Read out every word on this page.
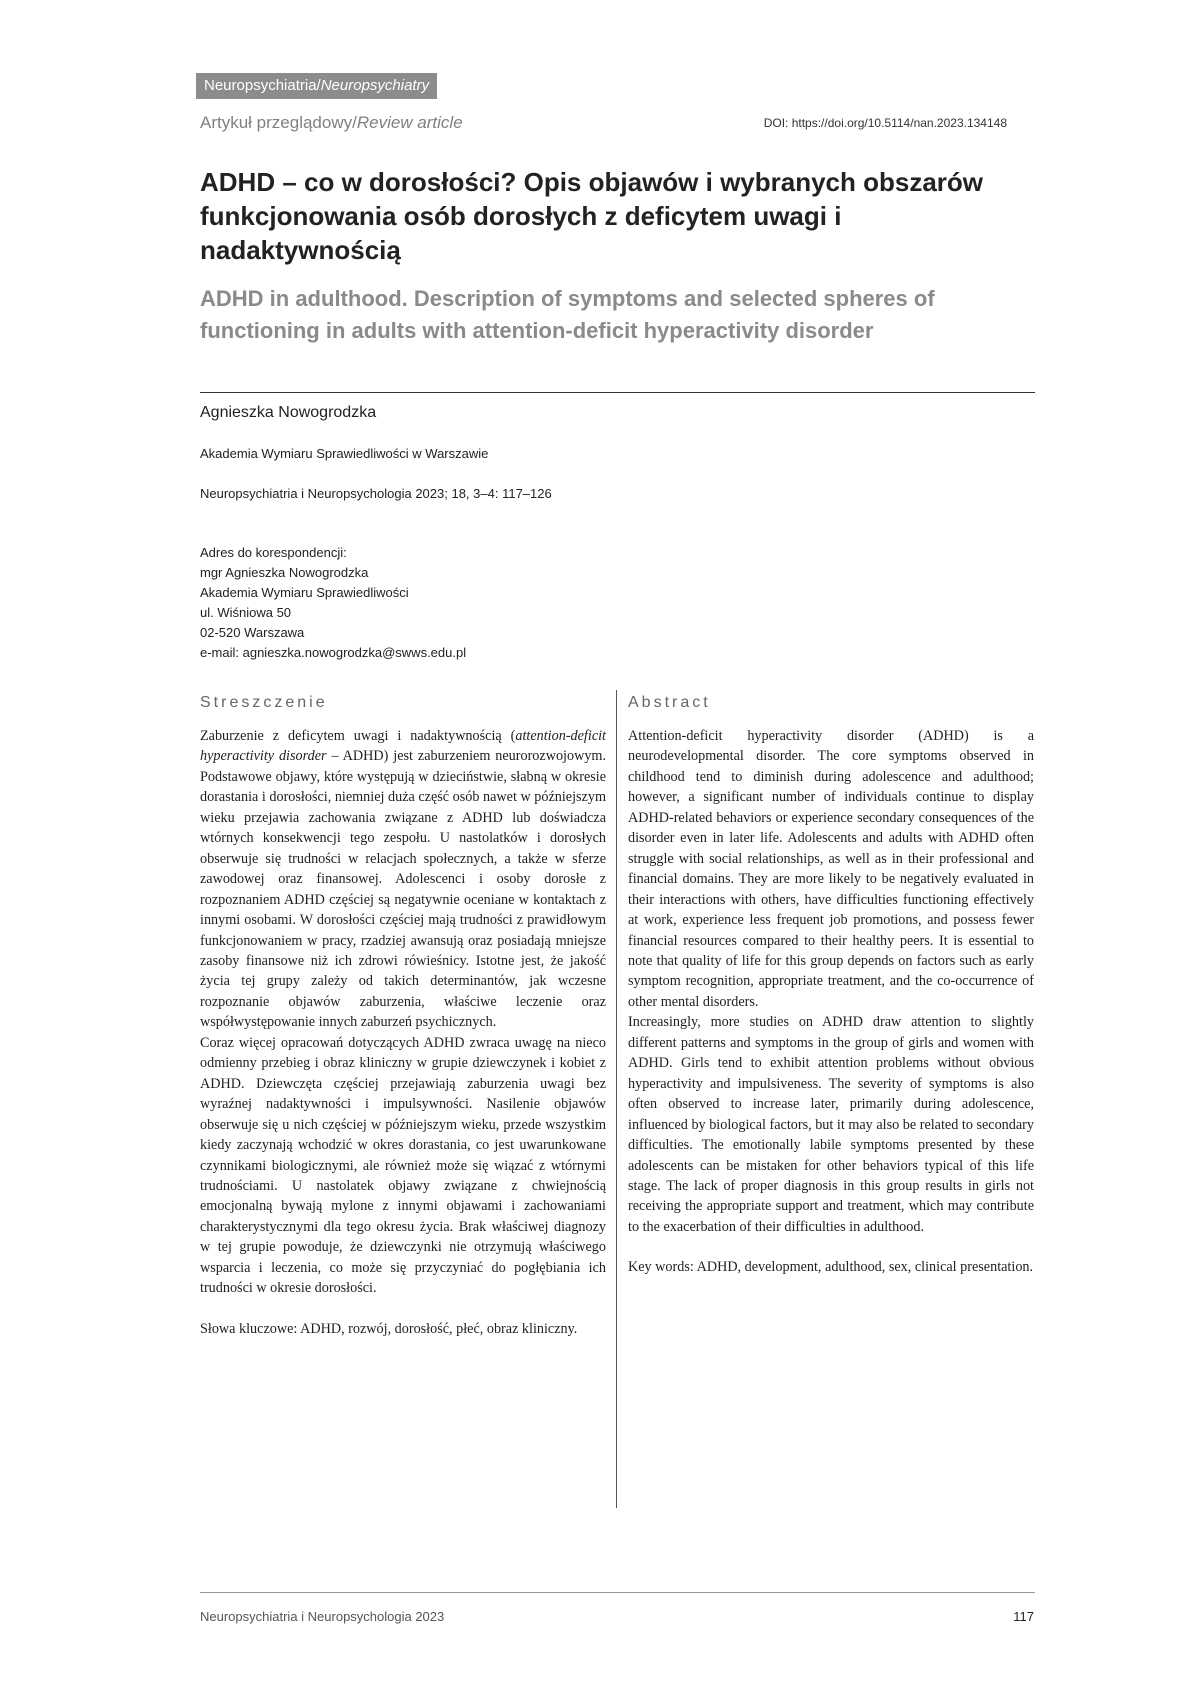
Neuropsychiatria/Neuropsychiatry
Artykuł przeglądowy/Review article	DOI: https://doi.org/10.5114/nan.2023.134148
ADHD – co w dorosłości? Opis objawów i wybranych obszarów funkcjonowania osób dorosłych z deficytem uwagi i nadaktywnością
ADHD in adulthood. Description of symptoms and selected spheres of functioning in adults with attention-deficit hyperactivity disorder
Agnieszka Nowogrodzka
Akademia Wymiaru Sprawiedliwości w Warszawie
Neuropsychiatria i Neuropsychologia 2023; 18, 3–4: 117–126
Adres do korespondencji:
mgr Agnieszka Nowogrodzka
Akademia Wymiaru Sprawiedliwości
ul. Wiśniowa 50
02-520 Warszawa
e-mail: agnieszka.nowogrodzka@swws.edu.pl
Streszczenie	Abstract

Zaburzenie z deficytem uwagi i nadaktywnością (attention-deficit hyperactivity disorder – ADHD) jest zaburzeniem neurorozwojowym. Podstawowe objawy, które występują w dzieciństwie, słabną w okresie dorastania i dorosłości, niemniej duża część osób nawet w późniejszym wieku przejawia zachowania związane z ADHD lub doświadcza wtórnych konsekwencji tego zespołu. U nastolatków i dorosłych obserwuje się trudności w relacjach społecznych, a także w sferze zawodowej oraz finansowej. Adolescenci i osoby dorosłe z rozpoznaniem ADHD częściej są negatywnie oceniane w kontaktach z innymi osobami. W dorosłości częściej mają trudności z prawidłowym funkcjonowaniem w pracy, rzadziej awansują oraz posiadają mniejsze zasoby finansowe niż ich zdrowi rówieśnicy. Istotne jest, że jakość życia tej grupy zależy od takich determinantów, jak wczesne rozpoznanie objawów zaburzenia, właściwe leczenie oraz współwystępowanie innych zaburzeń psychicznych.

Coraz więcej opracowań dotyczących ADHD zwraca uwagę na nieco odmienny przebieg i obraz kliniczny w grupie dziewczynek i kobiet z ADHD. Dziewczęta częściej przejawiają zaburzenia uwagi bez wyraźnej nadaktywności i impulsywności. Nasilenie objawów obserwuje się u nich częściej w późniejszym wieku, przede wszystkim kiedy zaczynają wchodzić w okres dorastania, co jest uwarunkowane czynnikami biologicznymi, ale również może się wiązać z wtórnymi trudnościami. U nastolatek objawy związane z chwiejnością emocjonalną bywają mylone z innymi objawami i zachowaniami charakterystycznymi dla tego okresu życia. Brak właściwej diagnozy w tej grupie powoduje, że dziewczynki nie otrzymują właściwego wsparcia i leczenia, co może się przyczyniać do pogłębiania ich trudności w okresie dorosłości.

Słowa kluczowe: ADHD, rozwój, dorosłość, płeć, obraz kliniczny.

Attention-deficit hyperactivity disorder (ADHD) is a neurodevelopmental disorder. The core symptoms observed in childhood tend to diminish during adolescence and adulthood; however, a significant number of individuals continue to display ADHD-related behaviors or experience secondary consequences of the disorder even in later life. Adolescents and adults with ADHD often struggle with social relationships, as well as in their professional and financial domains. They are more likely to be negatively evaluated in their interactions with others, have difficulties functioning effectively at work, experience less frequent job promotions, and possess fewer financial resources compared to their healthy peers. It is essential to note that quality of life for this group depends on factors such as early symptom recognition, appropriate treatment, and the co-occurrence of other mental disorders.

Increasingly, more studies on ADHD draw attention to slightly different patterns and symptoms in the group of girls and women with ADHD. Girls tend to exhibit attention problems without obvious hyperactivity and impulsiveness. The severity of symptoms is also often observed to increase later, primarily during adolescence, influenced by biological factors, but it may also be related to secondary difficulties. The emotionally labile symptoms presented by these adolescents can be mistaken for other behaviors typical of this life stage. The lack of proper diagnosis in this group results in girls not receiving the appropriate support and treatment, which may contribute to the exacerbation of their difficulties in adulthood.

Key words: ADHD, development, adulthood, sex, clinical presentation.

Neuropsychiatria i Neuropsychologia 2023	117
